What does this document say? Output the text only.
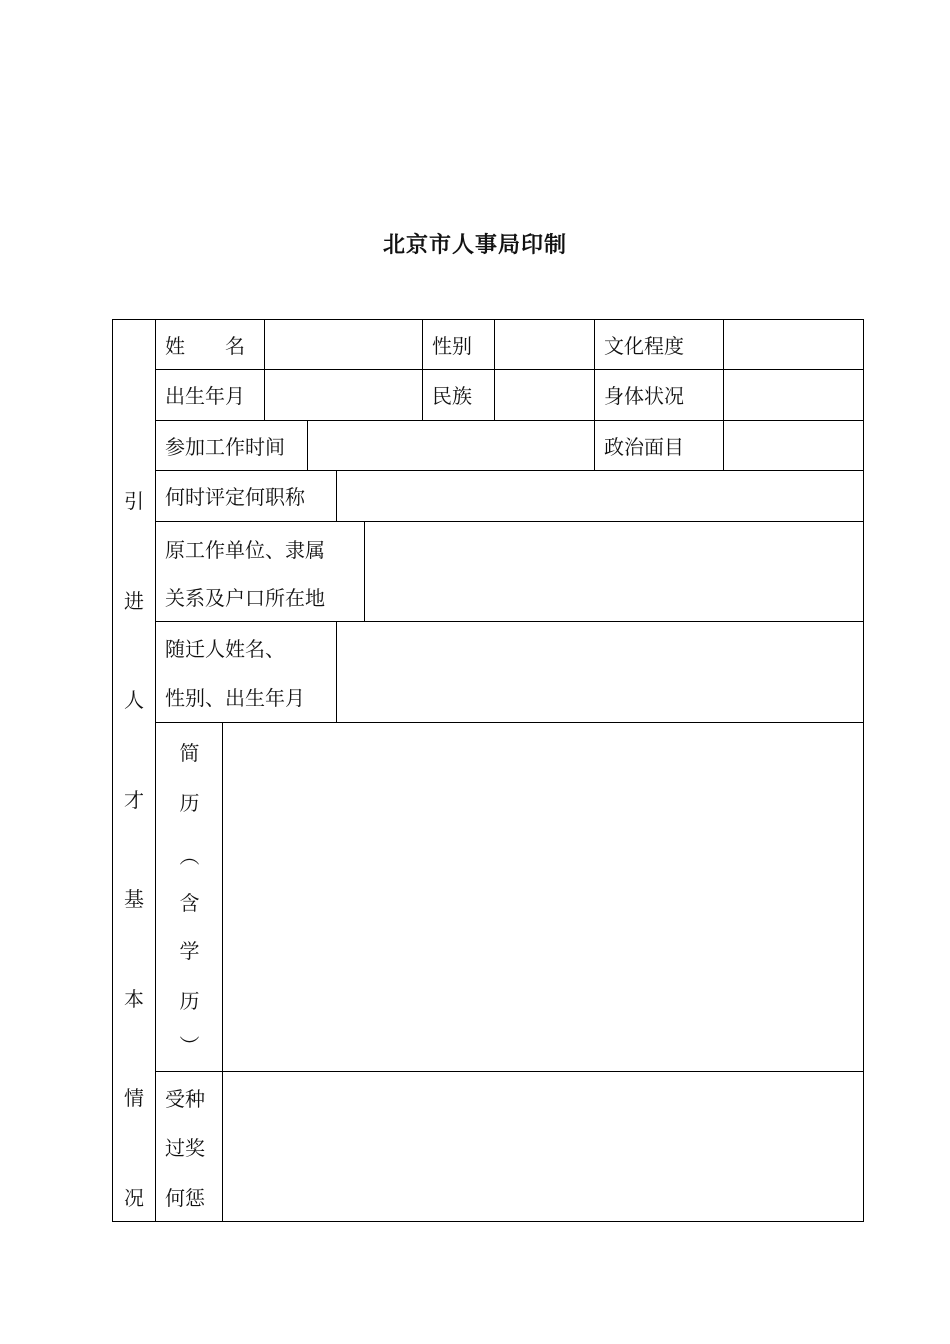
北京市人事局印制
引
进
人
才
基
本
情
况
姓　　名	性别	文化程度
出生年月	民族	身体状况
参加工作时间	政治面目
何时评定何职称
原工作单位、隶属
关系及户口所在地
随迁人姓名、
性别、出生年月
简
历
︵
含
学
历
︶
受种
过奖
何惩
